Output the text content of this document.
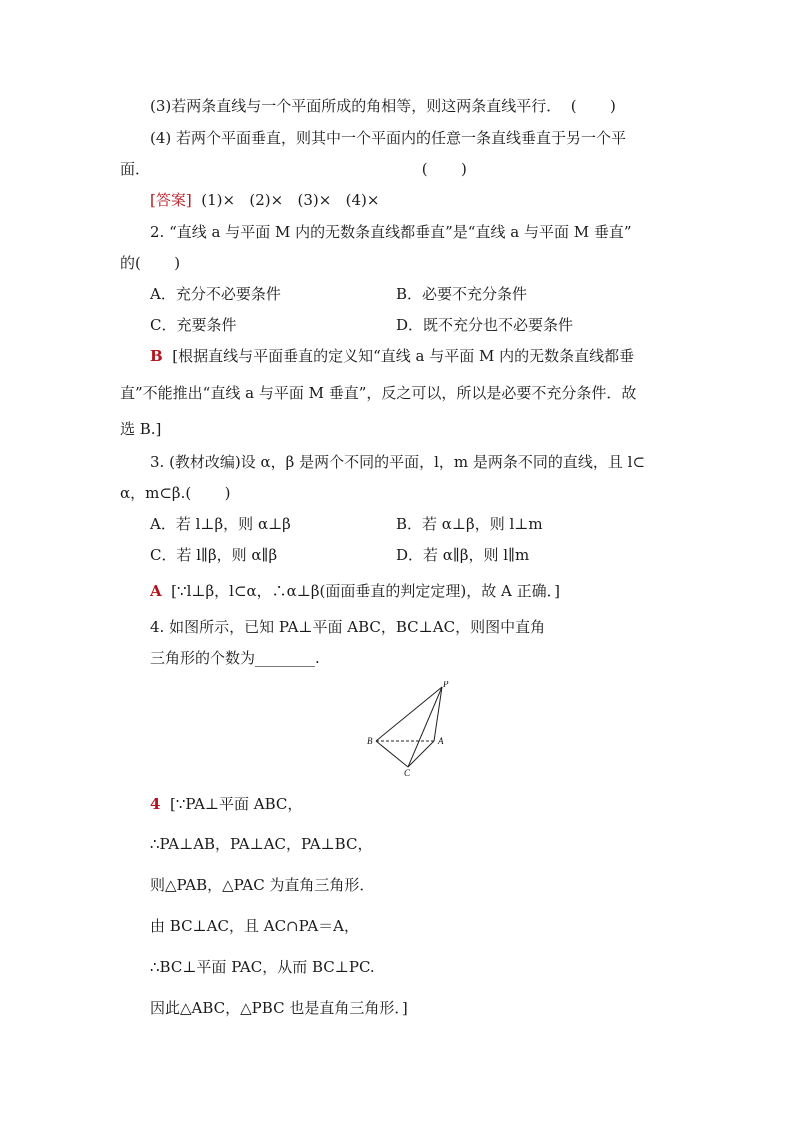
(3)若两条直线与一个平面所成的角相等，则这两条直线平行．  (       )

(4) 若两个平面垂直，则其中一个平面内的任意一条直线垂直于另一个平

面．                                                         (       )

[答案]  (1)×   (2)×   (3)×   (4)×

2. “直线 a 与平面 M 内的无数条直线都垂直”是“直线 a 与平面 M 垂直”

的(       )

A．充分不必要条件	B．必要不充分条件

C．充要条件	D．既不充分也不必要条件

B  [根据直线与平面垂直的定义知“直线 a 与平面 M 内的无数条直线都垂

直”不能推出“直线 a 与平面 M 垂直”，反之可以，所以是必要不充分条件．故

选 B.]

3. (教材改编)设 α，β 是两个不同的平面，l，m 是两条不同的直线，且 l⊂

α，m⊂β.(       )

A．若 l⊥β，则 α⊥β	B．若 α⊥β，则 l⊥m

C．若 l∥β，则 α∥β	D．若 α∥β，则 l∥m

A  [∵l⊥β，l⊂α，∴α⊥β(面面垂直的判定定理)，故 A 正确．]

4. 如图所示，已知 PA⊥平面 ABC，BC⊥AC，则图中直角

三角形的个数为________.

P
A
B
C

4  [∵PA⊥平面 ABC，

∴PA⊥AB，PA⊥AC，PA⊥BC，

则△PAB，△PAC 为直角三角形．

由 BC⊥AC，且 AC∩PA＝A，

∴BC⊥平面 PAC，从而 BC⊥PC.

因此△ABC，△PBC 也是直角三角形．]
